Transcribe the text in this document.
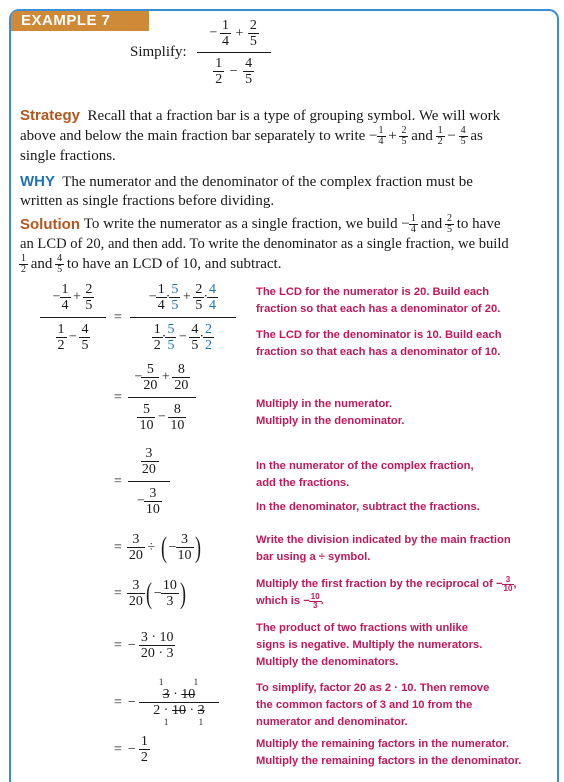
EXAMPLE 7
Simplify: $\frac{- \frac{1}{4} + \frac{2}{5}}{\frac{1}{2} - \frac{4}{5}}$
Strategy Recall that a fraction bar is a type of grouping symbol. We will work
above and below the main fraction bar separately to write
− $\frac{1}{4} + \frac{2}{5}$
and
$\frac{1}{2} - \frac{4}{5}$
as
single fractions.
WHY The numerator and the denominator of the complex fraction must be
written as single fractions before dividing.
Solution
To write the numerator as a single fraction, we build
− $\frac{1}{4}$
and
$\frac{2}{5}$
to have
an LCD of 20, and then add. To write the denominator as a single fraction, we build
$\frac{1}{2}$
and
$\frac{4}{5}$
to have an LCD of 10, and subtract.
$\frac{- \frac{1}{4} + \frac{2}{5}}{\frac{1}{2} - \frac{4}{5}} = \frac{- \frac{1}{4} \cdot \frac{5}{5} + \frac{2}{5} \cdot \frac{4}{4}}{\frac{1}{2} \cdot \frac{5}{5} - \frac{4}{5} \cdot \frac{2}{2}}$ The LCD for the numerator is 20. Build each
fraction so that each has a denominator of 20.
The LCD for the denominator is 10. Build each
fraction so that each has a denominator of 10.
= $\frac{- \frac{5}{20} + \frac{8}{20}}{\frac{5}{10} - \frac{8}{10}}$	Multiply in the numerator.
Multiply in the denominator.
= $\frac{\frac{3}{20}}{- \frac{3}{10}}$	In the numerator of the complex fraction,
add the fractions.
In the denominator, subtract the fractions.
= $\frac{3}{20}$ ÷ ( − $\frac{3}{10}$ )	Write the division indicated by the main fraction
bar using a ÷ symbol.
= $\frac{3}{20}$ ( − $\frac{10}{3}$ )	Multiply the first fraction by the reciprocal of
− $\frac{3}{10}$ ,
which is
− $\frac{10}{3}$ .
= − $\frac{3 \cdot 10}{20 \cdot 3}$
The product of two fractions with unlike
signs is negative. Multiply the numerators.
Multiply the denominators.
= −
1 1
3 · 10
2 · 10 · 3
1 1
To simplify, factor 20 as 2 · 10. Then remove
the common factors of 3 and 10 from the
numerator and denominator.
= − $\frac{1}{2}$	Multiply the remaining factors in the numerator.
Multiply the remaining factors in the denominator.
